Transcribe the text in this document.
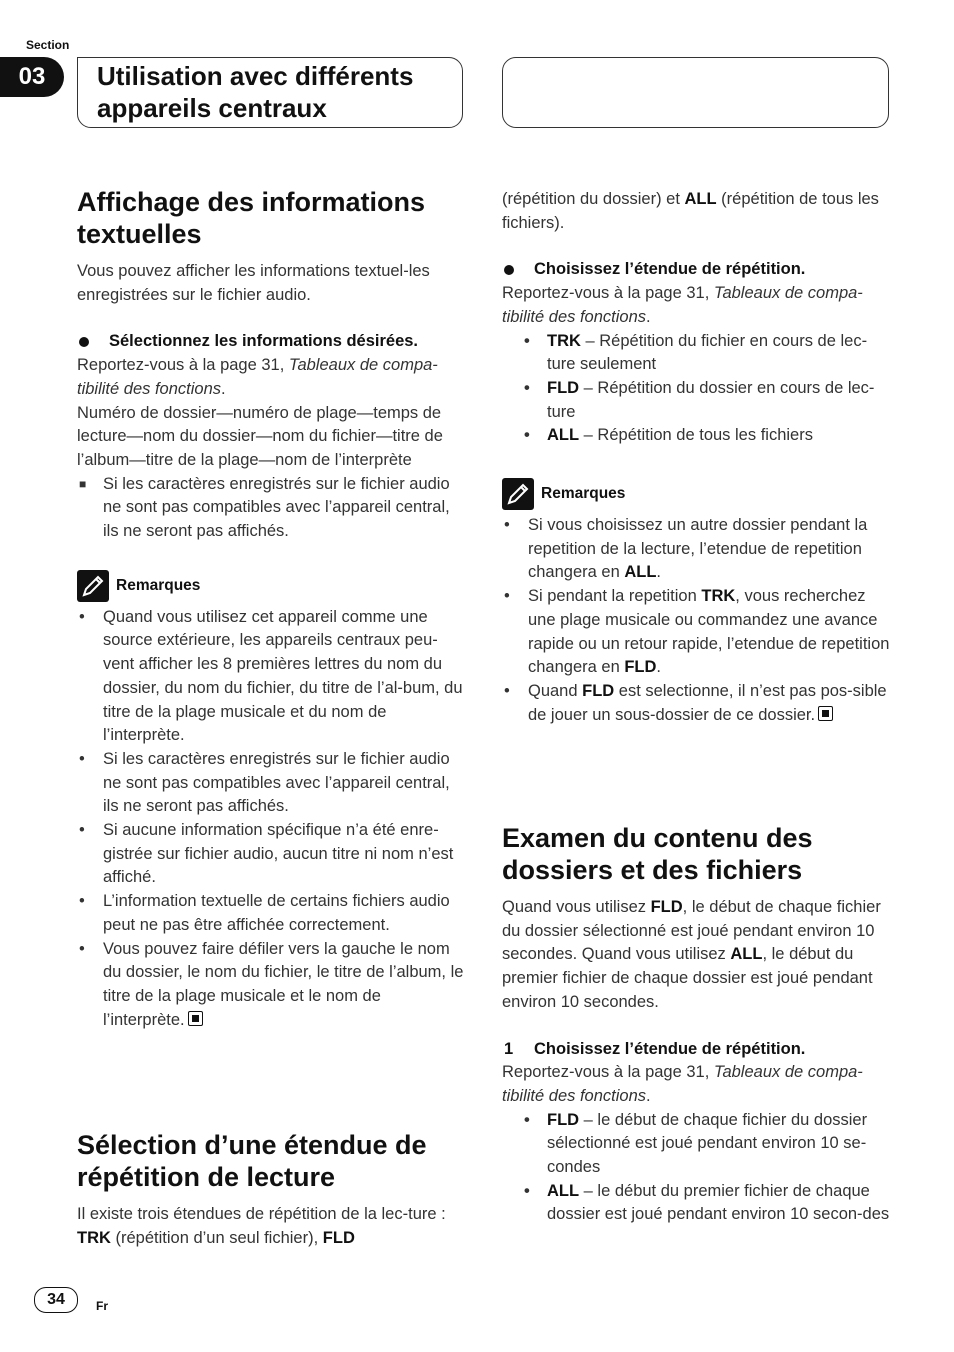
Section
03	Utilisation avec différents appareils centraux
Affichage des informations textuelles

Vous pouvez afficher les informations textuel-les enregistrées sur le fichier audio.

Sélectionnez les informations désirées.

Reportez-vous à la page 31, Tableaux de compa-tibilité des fonctions.

Numéro de dossier—numéro de plage—temps de lecture—nom du dossier—nom du fichier—titre de l’album—titre de la plage—nom de l’interprète

■ Si les caractères enregistrés sur le fichier audio ne sont pas compatibles avec l’appareil central, ils ne seront pas affichés.

Remarques
• Quand vous utilisez cet appareil comme une source extérieure, les appareils centraux peu-vent afficher les 8 premières lettres du nom du dossier, du nom du fichier, du titre de l’al-bum, du titre de la plage musicale et du nom de l’interprète.
• Si les caractères enregistrés sur le fichier audio ne sont pas compatibles avec l’appareil central, ils ne seront pas affichés.
• Si aucune information spécifique n’a été enre-gistrée sur fichier audio, aucun titre ni nom n’est affiché.
• L’information textuelle de certains fichiers audio peut ne pas être affichée correctement.
• Vous pouvez faire défiler vers la gauche le nom du dossier, le nom du fichier, le titre de l’album, le titre de la plage musicale et le nom de l’interprète.
Sélection d’une étendue de répétition de lecture

Il existe trois étendues de répétition de la lec-ture : TRK (répétition d’un seul fichier), FLD

(répétition du dossier) et ALL (répétition de tous les fichiers).

Choisissez l’étendue de répétition.

Reportez-vous à la page 31, Tableaux de compa-tibilité des fonctions.

• TRK – Répétition du fichier en cours de lec-ture seulement
• FLD – Répétition du dossier en cours de lec-ture
• ALL – Répétition de tous les fichiers
Remarques
• Si vous choisissez un autre dossier pendant la repetition de la lecture, l’etendue de repetition changera en ALL.
• Si pendant la repetition TRK, vous recherchez une plage musicale ou commandez une avance rapide ou un retour rapide, l’etendue de repetition changera en FLD.
• Quand FLD est selectionne, il n’est pas pos-sible de jouer un sous-dossier de ce dossier.
Examen du contenu des dossiers et des fichiers

Quand vous utilisez FLD, le début de chaque fichier du dossier sélectionné est joué pendant environ 10 secondes. Quand vous utilisez ALL, le début du premier fichier de chaque dossier est joué pendant environ 10 secondes.

1 Choisissez l’étendue de répétition.

Reportez-vous à la page 31, Tableaux de compa-tibilité des fonctions.

• FLD – le début de chaque fichier du dossier sélectionné est joué pendant environ 10 se-condes
• ALL – le début du premier fichier de chaque dossier est joué pendant environ 10 secon-des
34	Fr
